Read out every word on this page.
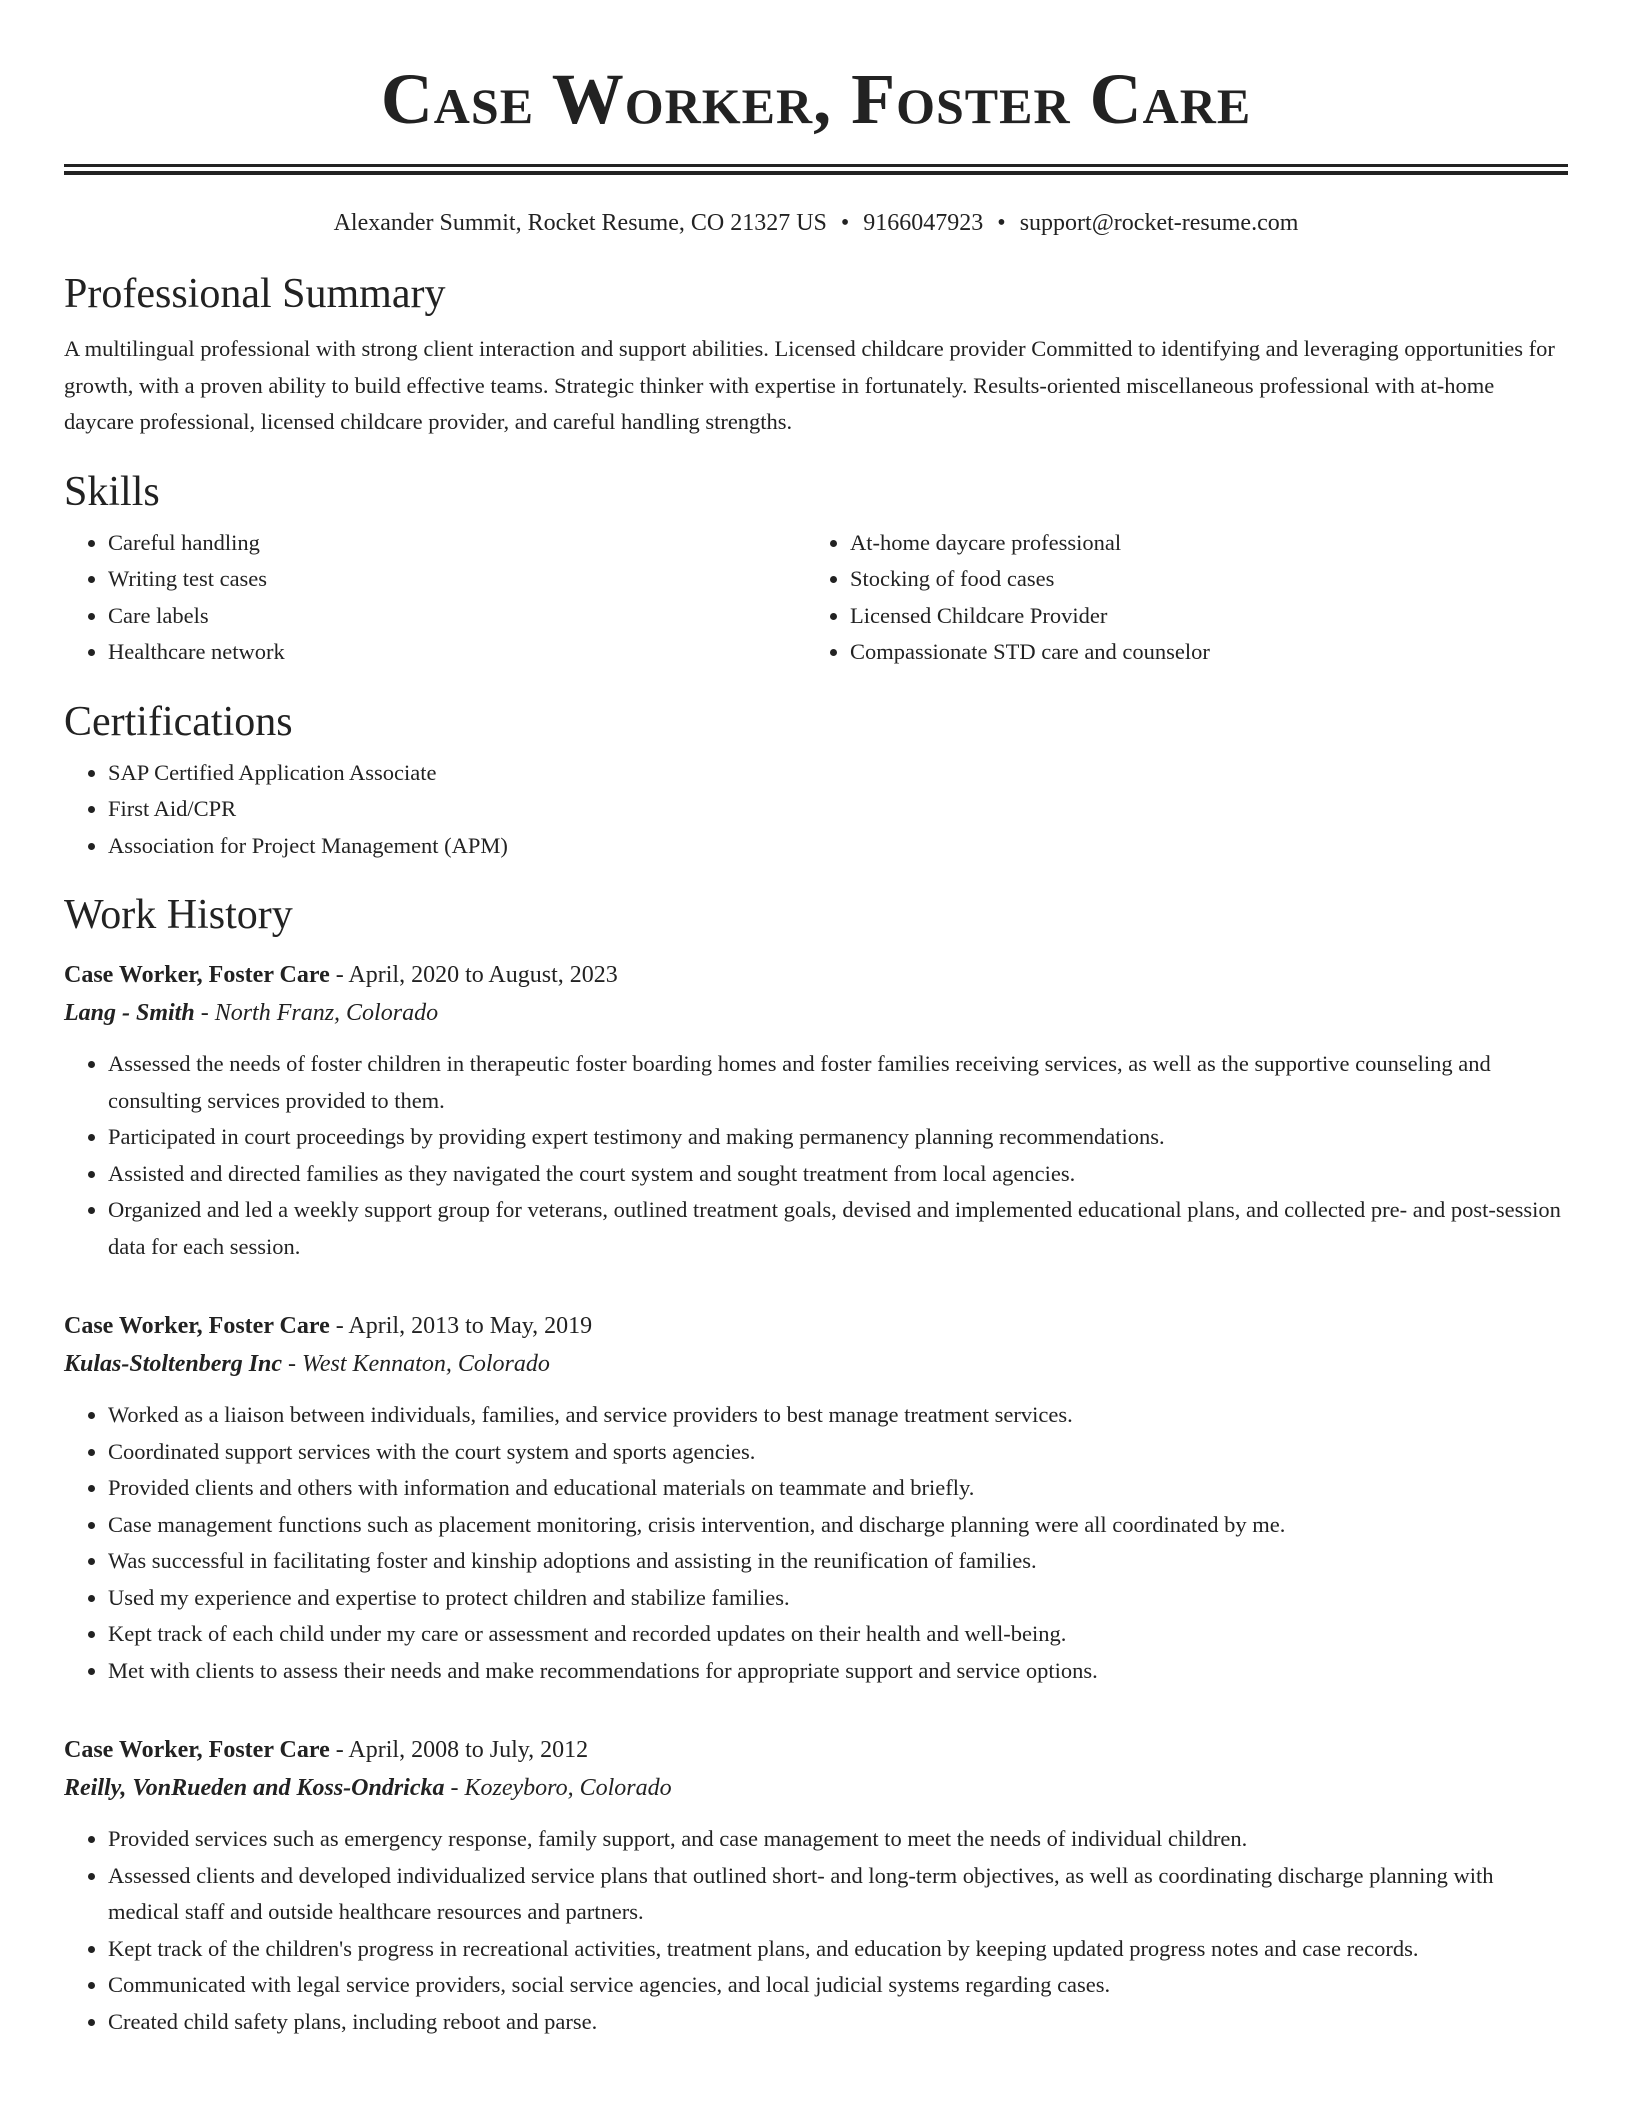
Case Worker, Foster Care
Alexander Summit, Rocket Resume, CO 21327 US • 9166047923 • support@rocket-resume.com
Professional Summary

A multilingual professional with strong client interaction and support abilities. Licensed childcare provider Committed to identifying and leveraging opportunities for growth, with a proven ability to build effective teams. Strategic thinker with expertise in fortunately. Results-oriented miscellaneous professional with at-home daycare professional, licensed childcare provider, and careful handling strengths.

Skills
• Careful handling
• Writing test cases
• Care labels
• Healthcare network
• At-home daycare professional
• Stocking of food cases
• Licensed Childcare Provider
• Compassionate STD care and counselor
Certifications
• SAP Certified Application Associate
• First Aid/CPR
• Association for Project Management (APM)
Work History
Case Worker, Foster Care - April, 2020 to August, 2023
Lang - Smith - North Franz, Colorado
• Assessed the needs of foster children in therapeutic foster boarding homes and foster families receiving services, as well as the supportive counseling and consulting services provided to them.
• Participated in court proceedings by providing expert testimony and making permanency planning recommendations.
• Assisted and directed families as they navigated the court system and sought treatment from local agencies.
• Organized and led a weekly support group for veterans, outlined treatment goals, devised and implemented educational plans, and collected pre- and post-session data for each session.
Case Worker, Foster Care - April, 2013 to May, 2019
Kulas-Stoltenberg Inc - West Kennaton, Colorado
• Worked as a liaison between individuals, families, and service providers to best manage treatment services.
• Coordinated support services with the court system and sports agencies.
• Provided clients and others with information and educational materials on teammate and briefly.
• Case management functions such as placement monitoring, crisis intervention, and discharge planning were all coordinated by me.
• Was successful in facilitating foster and kinship adoptions and assisting in the reunification of families.
• Used my experience and expertise to protect children and stabilize families.
• Kept track of each child under my care or assessment and recorded updates on their health and well-being.
• Met with clients to assess their needs and make recommendations for appropriate support and service options.
Case Worker, Foster Care - April, 2008 to July, 2012
Reilly, VonRueden and Koss-Ondricka - Kozeyboro, Colorado
• Provided services such as emergency response, family support, and case management to meet the needs of individual children.
• Assessed clients and developed individualized service plans that outlined short- and long-term objectives, as well as coordinating discharge planning with medical staff and outside healthcare resources and partners.
• Kept track of the children's progress in recreational activities, treatment plans, and education by keeping updated progress notes and case records.
• Communicated with legal service providers, social service agencies, and local judicial systems regarding cases.
• Created child safety plans, including reboot and parse.
